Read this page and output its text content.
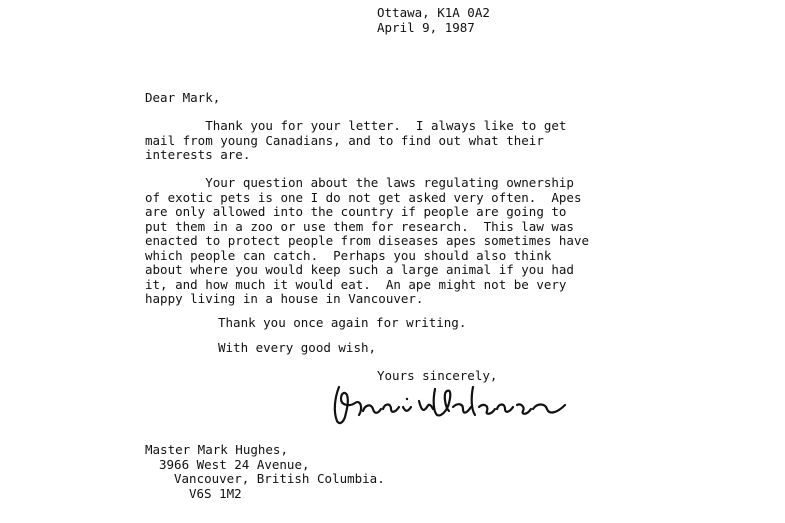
Ottawa, K1A 0A2
April 9, 1987
Dear Mark,
Thank you for your letter.  I always like to get
mail from young Canadians, and to find out what their
interests are.
Your question about the laws regulating ownership
of exotic pets is one I do not get asked very often.  Apes
are only allowed into the country if people are going to
put them in a zoo or use them for research.  This law was
enacted to protect people from diseases apes sometimes have
which people can catch.  Perhaps you should also think
about where you would keep such a large animal if you had
it, and how much it would eat.  An ape might not be very
happy living in a house in Vancouver.
Thank you once again for writing.
With every good wish,
Yours sincerely,
Master Mark Hughes,
3966 West 24 Avenue,
Vancouver, British Columbia.
V6S 1M2
